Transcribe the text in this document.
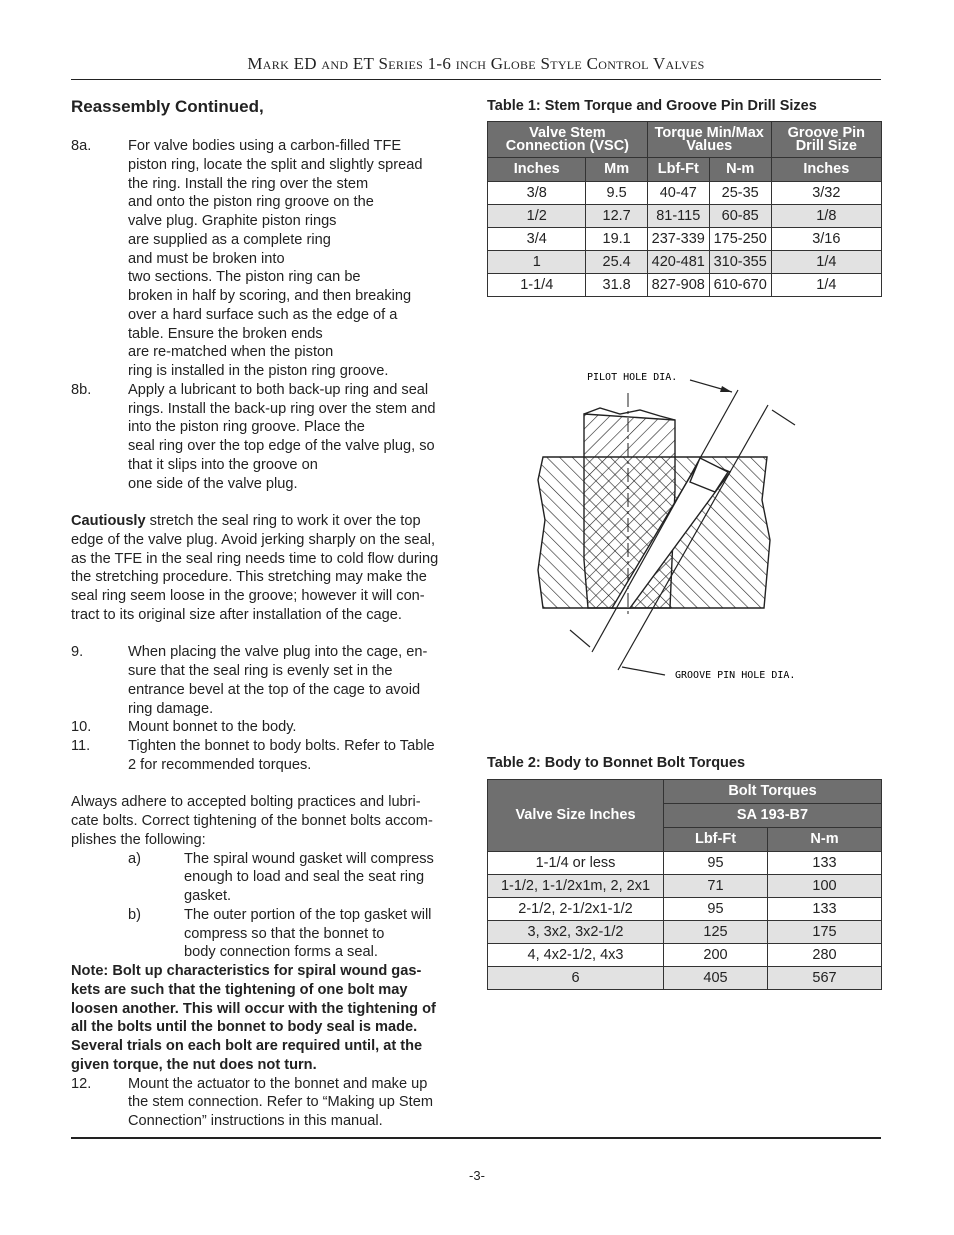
Mark ED and ET Series 1-6 inch Globe Style Control Valves
Reassembly Continued,
8a.	For valve bodies using a carbon-filled TFE
piston ring, locate the split and slightly spread
the ring. Install the ring over the stem
and onto the piston ring groove on the
valve plug. Graphite piston rings
are supplied as a complete ring
and must be broken into
two sections. The piston ring can be
broken in half by scoring, and then breaking
over a hard surface such as the edge of a
table. Ensure the broken ends
are re-matched when the piston
ring is installed in the piston ring groove.
8b.	Apply a lubricant to both back-up ring and seal
rings. Install the back-up ring over the stem and
into the piston ring groove. Place the
seal ring over the top edge of the valve plug, so
that it slips into the groove on
one side of the valve plug.
Cautiously stretch the seal ring to work it over the top
edge of the valve plug. Avoid jerking sharply on the seal,
as the TFE in the seal ring needs time to cold flow during
the stretching procedure. This stretching may make the
seal ring seem loose in the groove; however it will con-
tract to its original size after installation of the cage.
9.	When placing the valve plug into the cage, en-
sure that the seal ring is evenly set in the
entrance bevel at the top of the cage to avoid
ring damage.
10.	Mount bonnet to the body.
11.	Tighten the bonnet to body bolts. Refer to Table
2 for recommended torques.
Always adhere to accepted bolting practices and lubri-
cate bolts. Correct tightening of the bonnet bolts accom-
plishes the following:
a)	The spiral wound gasket will compress
enough to load and seal the seat ring
gasket.
b)	The outer portion of the top gasket will
compress so that the bonnet to
body connection forms a seal.
Note: Bolt up characteristics for spiral wound gas-
kets are such that the tightening of one bolt may
loosen another. This will occur with the tightening of
all the bolts until the bonnet to body seal is made.
Several trials on each bolt are required until, at the
given torque, the nut does not turn.
12.	Mount the actuator to the bonnet and make up
the stem connection. Refer to “Making up Stem
Connection” instructions in this manual.
Table 1: Stem Torque and Groove Pin Drill Sizes
Valve Stem Connection (VSC)		Torque Min/Max Values		Groove Pin Drill Size
Inches	Mm	Lbf-Ft	N-m	Inches
3/8	9.5	40-47	25-35	3/32
1/2	12.7	81-115	60-85	1/8
3/4	19.1	237-339	175-250	3/16
1	25.4	420-481	310-355	1/4
1-1/4	31.8	827-908	610-670	1/4
PILOT HOLE DIA.
GROOVE PIN HOLE DIA.
Table 2: Body to Bonnet Bolt Torques
Valve Size Inches	Bolt Torques	
	SA 193-B7	
	Lbf-Ft	N-m
1-1/4 or less	95	133
1-1/2, 1-1/2x1m, 2, 2x1	71	100
2-1/2, 2-1/2x1-1/2	95	133
3, 3x2, 3x2-1/2	125	175
4, 4x2-1/2, 4x3	200	280
6	405	567
-3-
